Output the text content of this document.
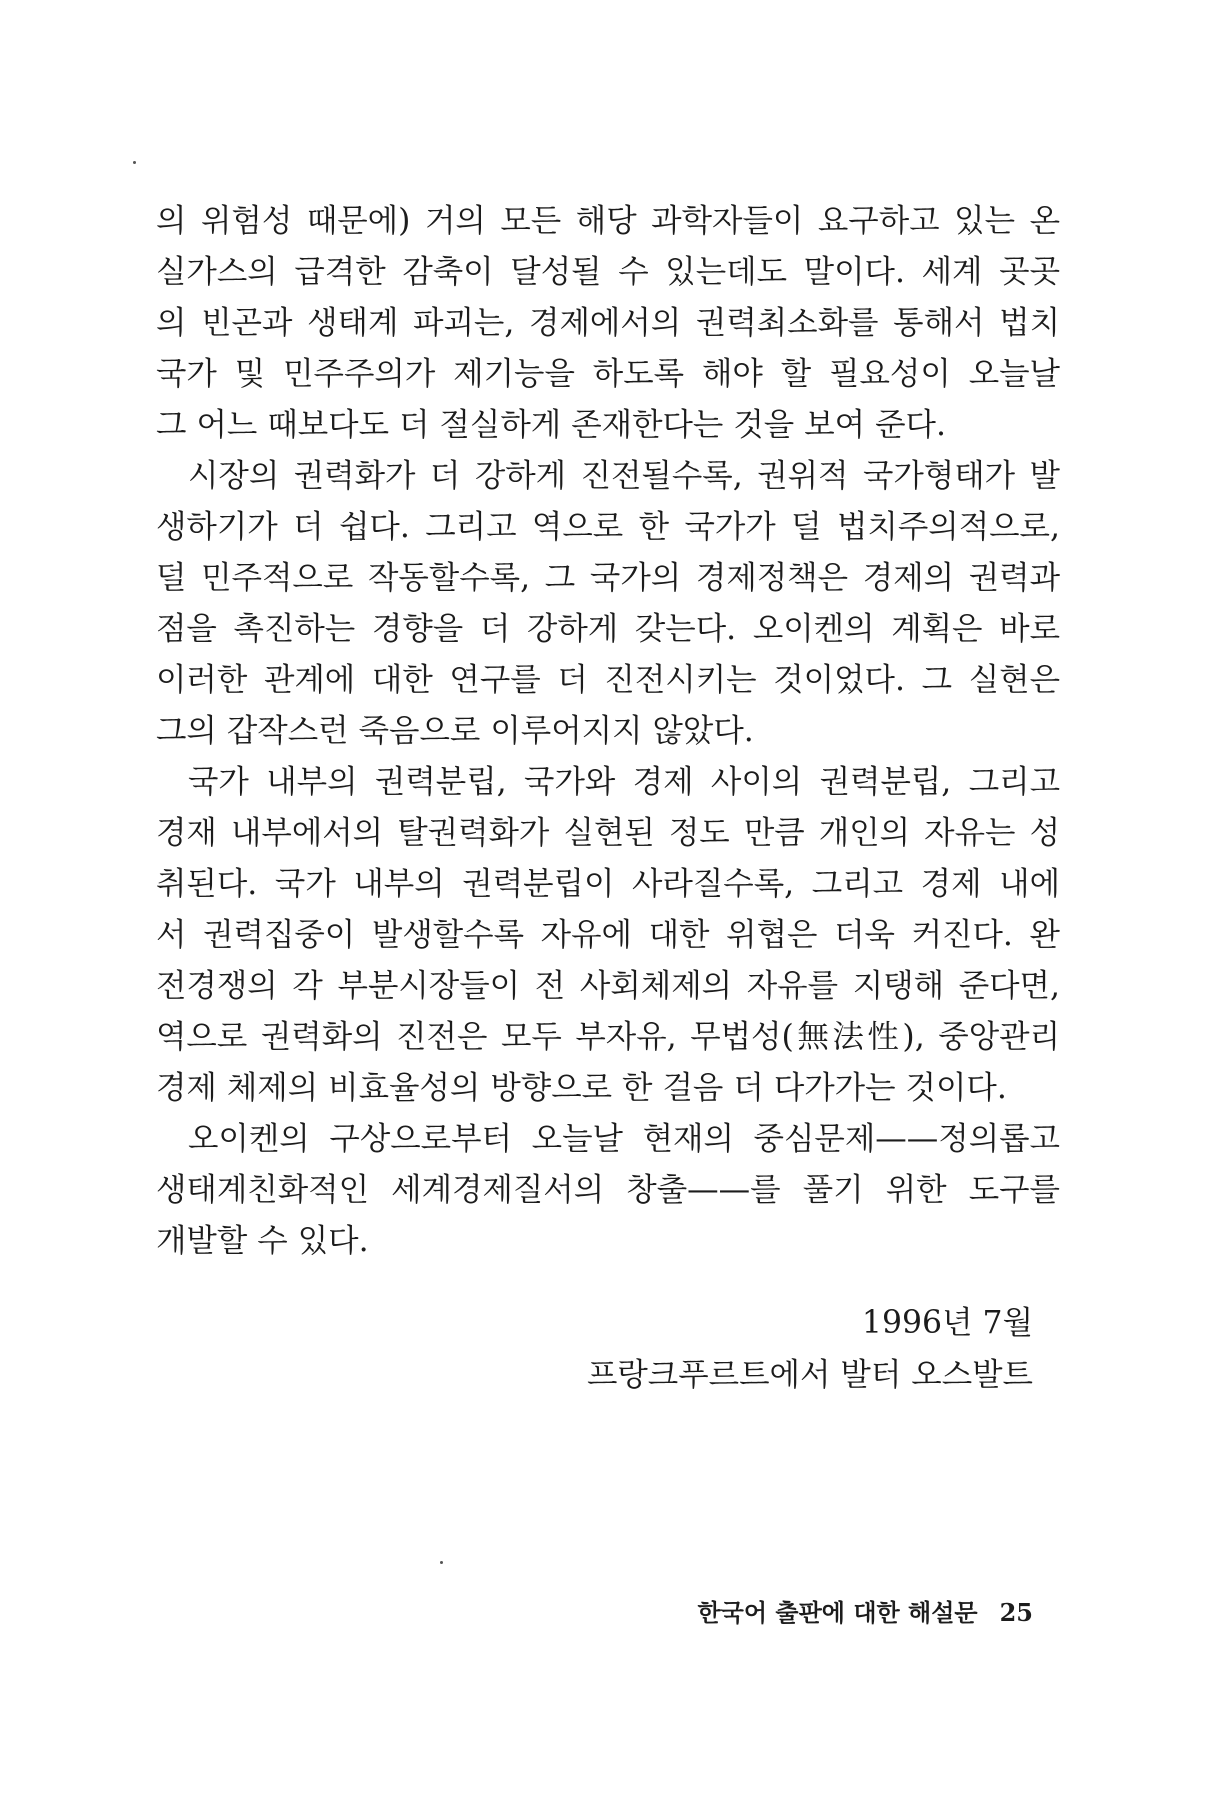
의 위험성 때문에) 거의 모든 해당 과학자들이 요구하고 있는 온
실가스의 급격한 감축이 달성될 수 있는데도 말이다. 세계 곳곳
의 빈곤과 생태계 파괴는, 경제에서의 권력최소화를 통해서 법치
국가 및 민주주의가 제기능을 하도록 해야 할 필요성이 오늘날
그 어느 때보다도 더 절실하게 존재한다는 것을 보여 준다.
시장의 권력화가 더 강하게 진전될수록, 권위적 국가형태가 발
생하기가 더 쉽다. 그리고 역으로 한 국가가 덜 법치주의적으로,
덜 민주적으로 작동할수록, 그 국가의 경제정책은 경제의 권력과
점을 촉진하는 경향을 더 강하게 갖는다. 오이켄의 계획은 바로
이러한 관계에 대한 연구를 더 진전시키는 것이었다. 그 실현은
그의 갑작스런 죽음으로 이루어지지 않았다.
국가 내부의 권력분립, 국가와 경제 사이의 권력분립, 그리고
경재 내부에서의 탈권력화가 실현된 정도 만큼 개인의 자유는 성
취된다. 국가 내부의 권력분립이 사라질수록, 그리고 경제 내에
서 권력집중이 발생할수록 자유에 대한 위협은 더욱 커진다. 완
전경쟁의 각 부분시장들이 전 사회체제의 자유를 지탱해 준다면,
역으로 권력화의 진전은 모두 부자유, 무법성(無法性), 중앙관리
경제 체제의 비효율성의 방향으로 한 걸음 더 다가가는 것이다.
오이켄의 구상으로부터 오늘날 현재의 중심문제——정의롭고
생태계친화적인 세계경제질서의 창출——를 풀기 위한 도구를
개발할 수 있다.
1996년 7월
프랑크푸르트에서 발터 오스발트
한국어 출판에 대한 해설문 25
